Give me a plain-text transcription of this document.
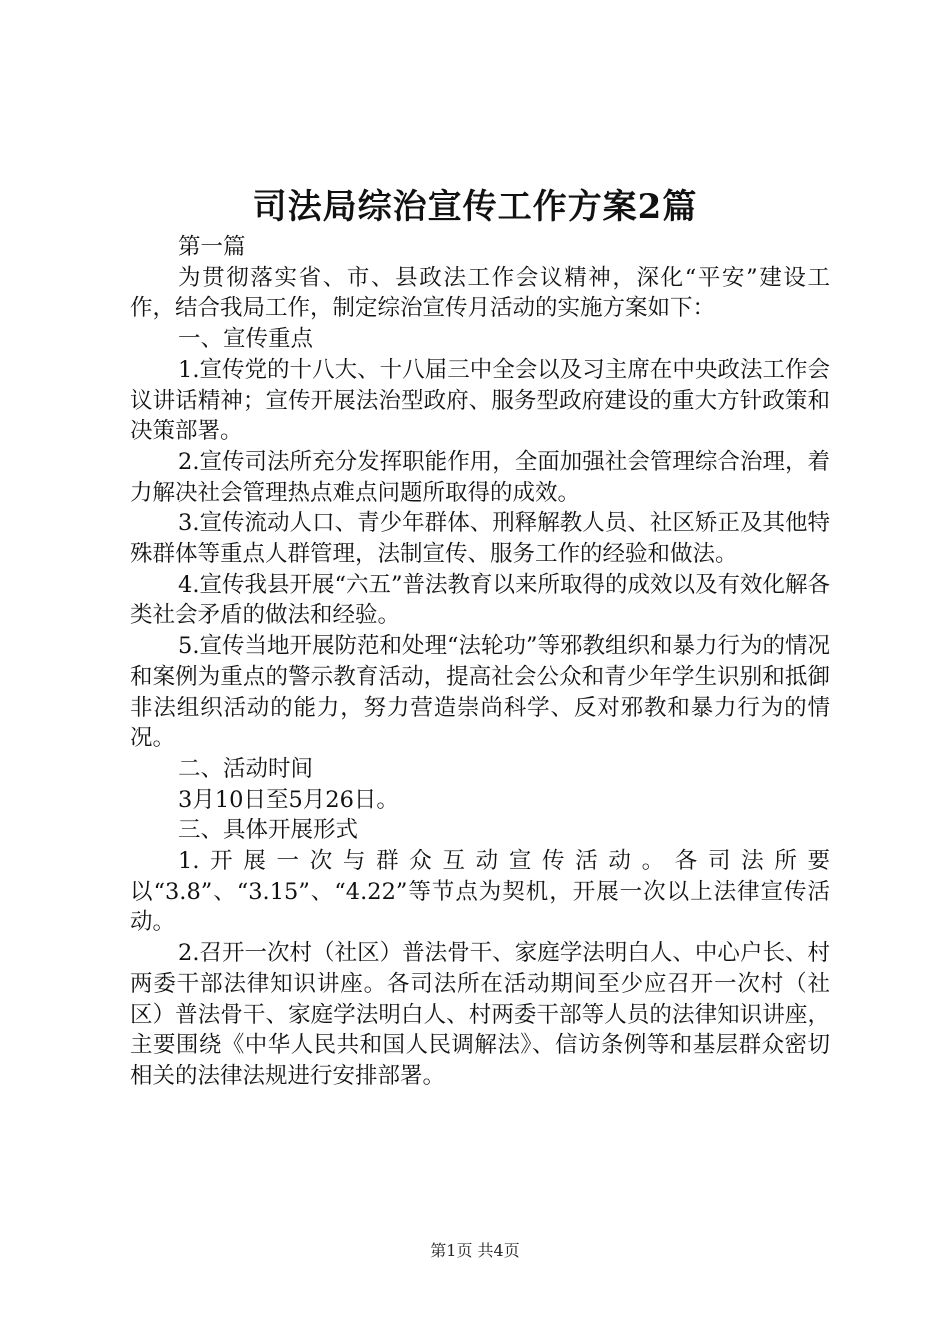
司法局综治宣传工作方案2篇

第一篇

为贯彻落实省、市、县政法工作会议精神，深化“平安”建设工作，结合我局工作，制定综治宣传月活动的实施方案如下：

一、宣传重点

1.宣传党的十八大、十八届三中全会以及习主席在中央政法工作会议讲话精神；宣传开展法治型政府、服务型政府建设的重大方针政策和决策部署。

2.宣传司法所充分发挥职能作用，全面加强社会管理综合治理，着力解决社会管理热点难点问题所取得的成效。

3.宣传流动人口、青少年群体、刑释解教人员、社区矫正及其他特殊群体等重点人群管理，法制宣传、服务工作的经验和做法。

4.宣传我县开展“六五”普法教育以来所取得的成效以及有效化解各类社会矛盾的做法和经验。

5.宣传当地开展防范和处理“法轮功”等邪教组织和暴力行为的情况和案例为重点的警示教育活动，提高社会公众和青少年学生识别和抵御非法组织活动的能力，努力营造崇尚科学、反对邪教和暴力行为的情况。

二、活动时间

3月10日至5月26日。

三、具体开展形式

1.开展一次与群众互动宣传活动。各司法所要以“3.8”、“3.15”、“4.22”等节点为契机，开展一次以上法律宣传活动。

2.召开一次村（社区）普法骨干、家庭学法明白人、中心户长、村两委干部法律知识讲座。各司法所在活动期间至少应召开一次村（社区）普法骨干、家庭学法明白人、村两委干部等人员的法律知识讲座，主要围绕《中华人民共和国人民调解法》、信访条例等和基层群众密切相关的法律法规进行安排部署。

第1页 共4页
